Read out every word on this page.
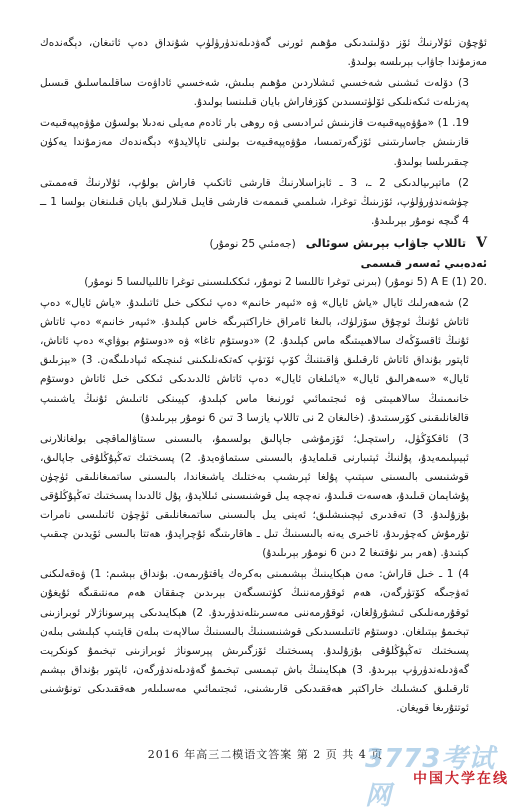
ئۇچۇن ئۆلارنىڭ ئۆز دۆلىتىدىكى مۇھىم ئورنى گەۋدىلەندۈرۈلۈپ شۇنداق دەپ ئاتىغان، دېگەندەك مەزمۇندا جاۋاب بېرىلسە بولىدۇ.

3) دۆلەت ئىشىنى شەخسىي ئىشلاردىن مۇھىم بىلىش، شەخسىي ئاداۋەت ساقلىماسلىق قىسىل پەزىلەت ئىكەنلىكى ئۆلۈتىسىدىن كۆزفاراش بايان قىلىنسا بولىدۇ.

19. 1) «مۇۋەپپەقىيەت قازىنىش ئىرادىسى ۋە روھى بار ئادەم مەيلى نەدىلا بولسۇن مۇۋەپپەقىيەت قازىنىش جاسارىتىنى ئۆزگەرتمىسا، مۇۋەپپەقىيەت بولىنى تاپالايدۇ» دېگەندەك مەزمۇندا يەكۈن چىقىرىلسا بولىدۇ.

2) ماتېرىيالدىكى 2 ـ، 3 ـ ئابزاسلارنىڭ قارشى ئاتكىپ قاراش بولۇپ، ئۇلارنىڭ قەممىتى چۈشەندۈرۈلۈپ، ئۆزىنىڭ توغرا، شىلمىي قىممەت قارشى قايىل قىلارلىق بايان قىلىنغان بولسا 1 ــ 4 گىچە نومۇر بېرىلىدۇ.

V
تاللاپ جاۋاب بېرىش سوئالى
(جەمئىي 25 نومۇر)
ئەدەبىي ئەسەر قىسمى

.20 (1) A E (5 نومۇر) (بىرنى توغرا تاللىسا 2 نومۇر، ئىككىلىسىنى توغرا تاللىيالىسا 5 نومۇر)

2) شەھەرلىك ئايال «ياش ئايال» ۋە «ئىپەر خانىم» دەپ ئىككى خىل ئاتىلىدۇ. «ياش ئايال» دەپ ئاتاش ئۇنىڭ ئوچۇق سۆزلۈك، بالىغا ئامراق خاراكتېرىگە خاس كېلىدۇ. «ئىپەر خانىم» دەپ ئاتاش ئۇنىڭ ئاقسۆڭەك سالاھىيىتىگە ماس كېلىدۇ. 2) «دوستۇم تاغا» ۋە «دوستۇم بوۋاي» دەپ ئاتاش، ئاپتور بۇنداق ئاتاش ئارقىلىق ۋاقىتنىڭ كۆپ ئۆتۈپ كەتكەنلىكىنى ئىنچىكە ئىپادىلىگەن. 3) «بېزىلىق ئايال» «سەھرالىق ئايال» «يائىلغان ئايال» دەپ ئاتاش ئالدىدىكى ئىككى خىل ئاتاش دوستۇم خانىمىنىڭ سالاھىيىتى ۋە ئىجتىمائىي ئورنىغا ماس كېلىدۇ، كېيىنكى ئاتىلىش ئۇنىڭ ياشىنىپ قالغانلىقىنى كۆرسىتىدۇ. (خالىغان 2 نى تاللاپ يازسا 3 تىن 6 نومۇر بېرىلىدۇ)

3) ئاقكۆڭۈل، راستچىل؛ ئۆزمۇشى جاپالىق بولسىمۇ، بالىسىنى سىتاۋالماقچى بولغانلارنى ئېيىپلىمەيدۇ، پۇلنىڭ ئېتىبارنى قىلمايدۇ، بالىسىنى سىتماۋەيدۇ. 2) پسىختىك تەڭپۇڭلۇقى جاپالىق، قوشنىسى بالىسىنى سېتىپ پۇلغا ئېرىشىپ بەختلىك ياشىغاندا، بالىسىنى ساتمىغانلىقى ئۈچۈن پۇشايمان قىلىدۇ، ھەسەت قىلىدۇ، نەچچە يىل قوشنىسىنى ئىللايدۇ، پۇل ئالدىدا پسىختىك تەڭپۇڭلۇقى بۇزۇلىدۇ. 3) تەقدىرى ئېچىنىشلىق؛ ئەينى يىل بالىسىنى ساتمىغانلىقى ئۈچۈن ئاتىلىسى نامرات تۇرمۇش كەچۈرىدۇ، ئاخىرى يەنە بالىسىنىڭ تىل ـ ھاقارىتىگە ئۇچرايدۇ، ھەتتا بالىسى ئۆيدىن چىقىپ كېتىدۇ. (ھەر بىر نۇقتىغا 2 دىن 6 نومۇر بېرىلىدۇ)

4) 1 ـ خىل قاراش: مەن ھېكايىنىڭ بېشىمىنى بەكرەك ياقتۇرىمەن. بۇنداق بېشىم: 1) ۋەقەلىكنى ئەۋجىگە كۆتۈرگەن، ھەم ئوقۇرمەننىڭ كۈتىسىگەن بېرىدىن چىققان ھەم مەنتىقىگە ئۇيغۇن ئوقۇرمەنلىكى ئىشۇرۇلغان، ئوقۇرمەننى مەسىرىتلەندۈرىدۇ. 2) ھېكايىدىكى پېرسوناژلار ئوبرازىنى تېخىمۇ بېتىلغان. دوستۇم ئاتىلىسىدىكى قوشنىسىنىڭ بالىسىنىڭ سالاپەت بىلەن قايتىپ كېلىشى بىلەن پسىختىك تەڭپۇڭلۇقى بۇزۇلىدۇ. پسىختىك ئۆزگىرىش پېرسوناژ ئوبرازىنى تېخىمۇ كونكرېت گەۋدىلەندۈرۈپ بېرىدۇ. 3) ھېكايىنىڭ باش تېمىسى تېخىمۇ گەۋدىلەندۈرگەن، ئاپتور بۇنداق بېشىم ئارقىلىق كىشىلىك خاراكتېر ھەققىدىكى قارىشىنى، ئىجتىمائىي مەسىلىلەر ھەققىدىكى تونۇشىنى ئوتتۇرىغا قويغان.

2016 年高三二模语文答案 第 2 页 共 4 页
3773考试网
中国大学在线
